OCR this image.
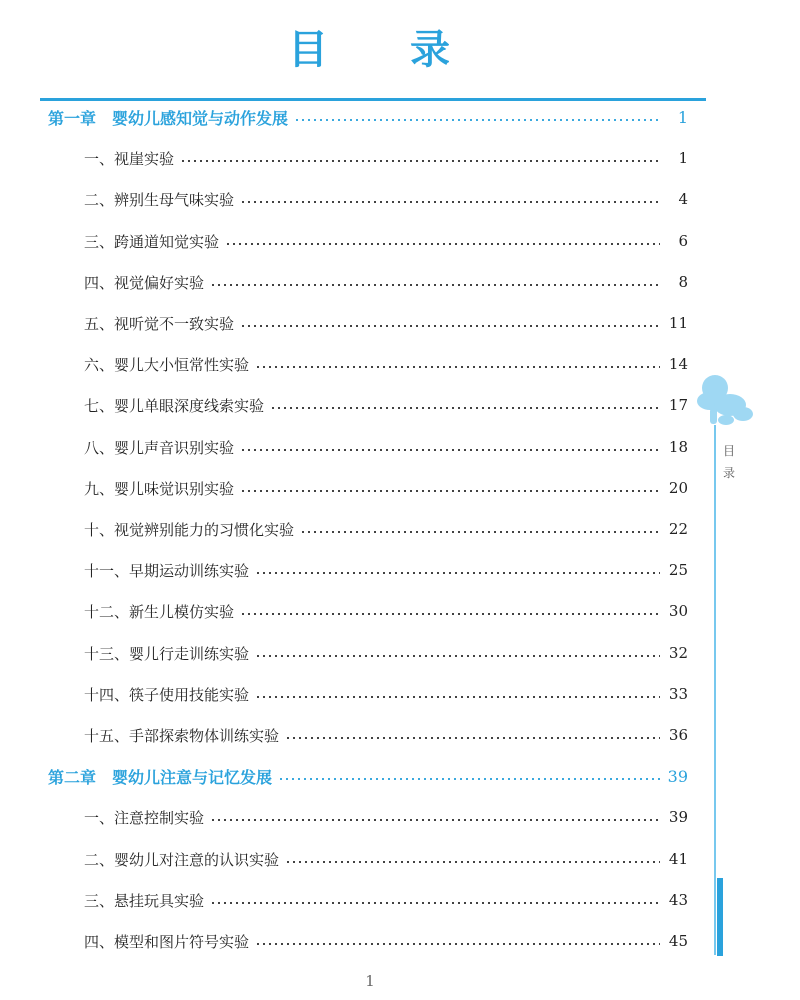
目 录
第一章　婴幼儿感知觉与动作发展	1
一、视崖实验	1
二、辨别生母气味实验	4
三、跨通道知觉实验	6
四、视觉偏好实验	8
五、视听觉不一致实验	11
六、婴儿大小恒常性实验	14
七、婴儿单眼深度线索实验	17
八、婴儿声音识别实验	18
九、婴儿味觉识别实验	20
十、视觉辨别能力的习惯化实验	22
十一、早期运动训练实验	25
十二、新生儿模仿实验	30
十三、婴儿行走训练实验	32
十四、筷子使用技能实验	33
十五、手部探索物体训练实验	36
第二章　婴幼儿注意与记忆发展	39
一、注意控制实验	39
二、婴幼儿对注意的认识实验	41
三、悬挂玩具实验	43
四、模型和图片符号实验	45
目
录
1
